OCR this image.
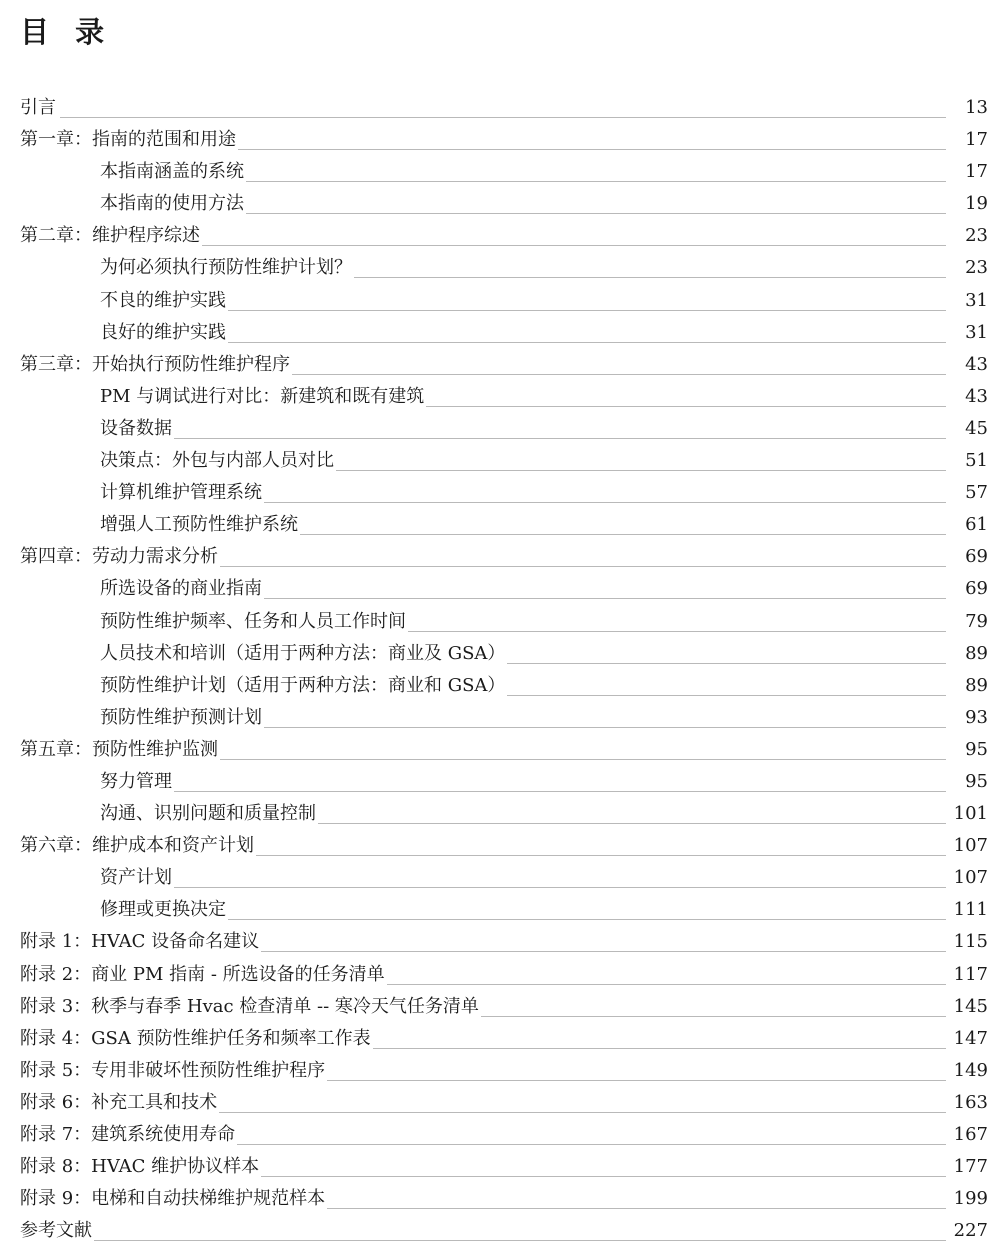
目 录
引言	13
第一章：指南的范围和用途	17
本指南涵盖的系统	17
本指南的使用方法	19
第二章：维护程序综述	23
为何必须执行预防性维护计划？	23
不良的维护实践	31
良好的维护实践	31
第三章：开始执行预防性维护程序	43
PM 与调试进行对比：新建筑和既有建筑	43
设备数据	45
决策点：外包与内部人员对比	51
计算机维护管理系统	57
增强人工预防性维护系统	61
第四章：劳动力需求分析	69
所选设备的商业指南	69
预防性维护频率、任务和人员工作时间	79
人员技术和培训（适用于两种方法：商业及 GSA）	89
预防性维护计划（适用于两种方法：商业和 GSA）	89
预防性维护预测计划	93
第五章：预防性维护监测	95
努力管理	95
沟通、识别问题和质量控制	101
第六章：维护成本和资产计划	107
资产计划	107
修理或更换决定	111
附录 1：HVAC 设备命名建议	115
附录 2：商业 PM 指南 - 所选设备的任务清单	117
附录 3：秋季与春季 Hvac 检查清单 -- 寒冷天气任务清单	145
附录 4：GSA 预防性维护任务和频率工作表	147
附录 5：专用非破坏性预防性维护程序	149
附录 6：补充工具和技术	163
附录 7：建筑系统使用寿命	167
附录 8：HVAC 维护协议样本	177
附录 9：电梯和自动扶梯维护规范样本	199
参考文献	227
